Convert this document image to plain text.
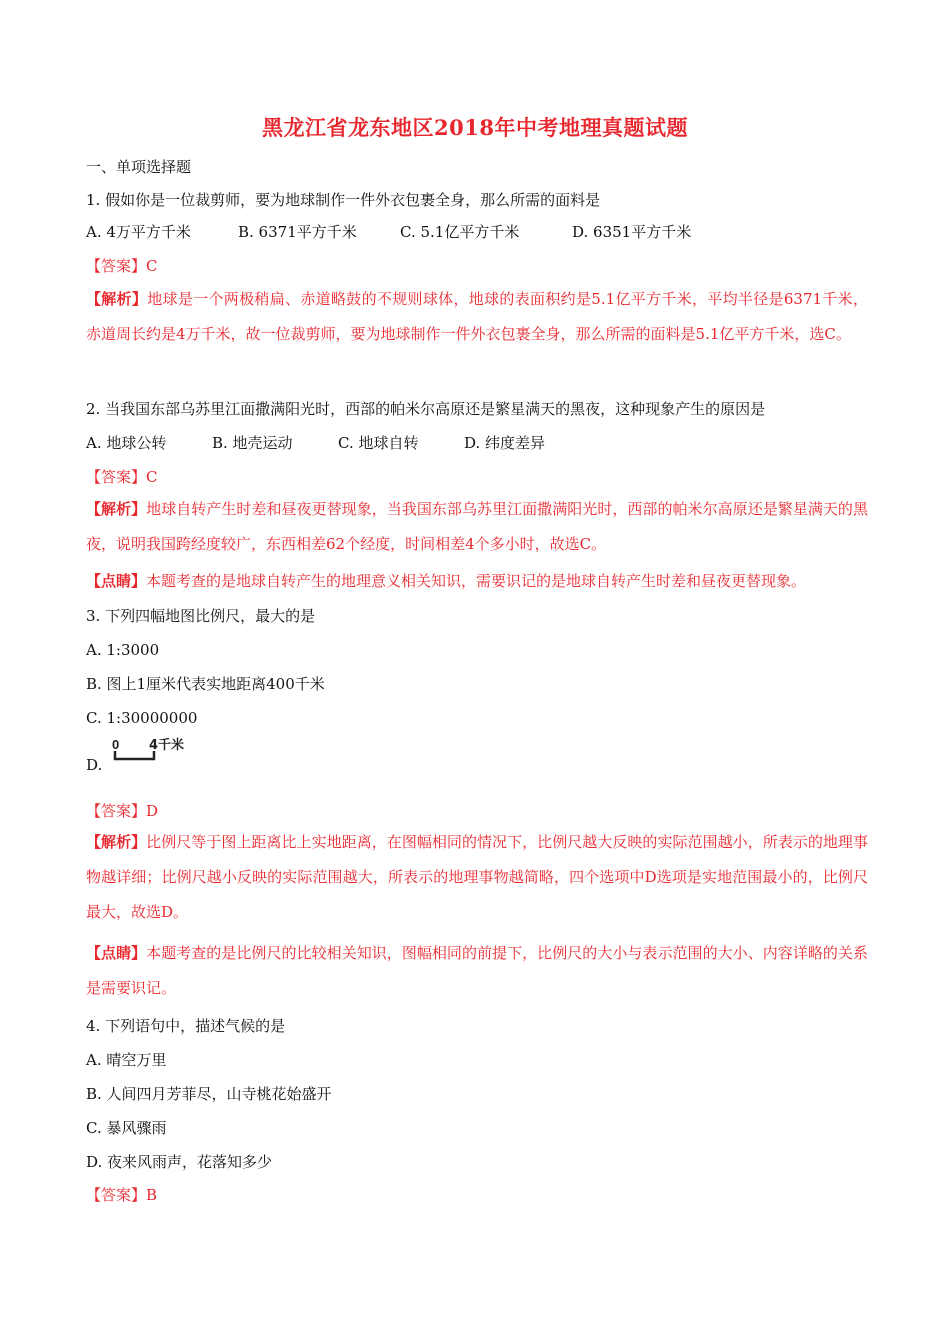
黑龙江省龙东地区2018年中考地理真题试题
一、单项选择题
1. 假如你是一位裁剪师，要为地球制作一件外衣包裹全身，那么所需的面料是
A. 4万平方千米	B. 6371平方千米	C. 5.1亿平方千米	D. 6351平方千米
【答案】C
【解析】地球是一个两极稍扁、赤道略鼓的不规则球体，地球的表面积约是5.1亿平方千米，平均半径是6371千米，赤道周长约是4万千米，故一位裁剪师，要为地球制作一件外衣包裹全身，那么所需的面料是5.1亿平方千米，选C。
2. 当我国东部乌苏里江面撒满阳光时，西部的帕米尔高原还是繁星满天的黑夜，这种现象产生的原因是
A. 地球公转	B. 地壳运动	C. 地球自转	D. 纬度差异
【答案】C
【解析】地球自转产生时差和昼夜更替现象，当我国东部乌苏里江面撒满阳光时，西部的帕米尔高原还是繁星满天的黑夜，说明我国跨经度较广，东西相差62个经度，时间相差4个多小时，故选C。
【点睛】本题考查的是地球自转产生的地理意义相关知识，需要识记的是地球自转产生时差和昼夜更替现象。
3. 下列四幅地图比例尺，最大的是
A. 1:3000
B. 图上1厘米代表实地距离400千米
C. 1:30000000
D.
0 4千米
【答案】D
【解析】比例尺等于图上距离比上实地距离，在图幅相同的情况下，比例尺越大反映的实际范围越小，所表示的地理事物越详细；比例尺越小反映的实际范围越大，所表示的地理事物越简略，四个选项中D选项是实地范围最小的，比例尺最大，故选D。
【点睛】本题考查的是比例尺的比较相关知识，图幅相同的前提下，比例尺的大小与表示范围的大小、内容详略的关系是需要识记。
4. 下列语句中，描述气候的是
A. 晴空万里
B. 人间四月芳菲尽，山寺桃花始盛开
C. 暴风骤雨
D. 夜来风雨声，花落知多少
【答案】B
